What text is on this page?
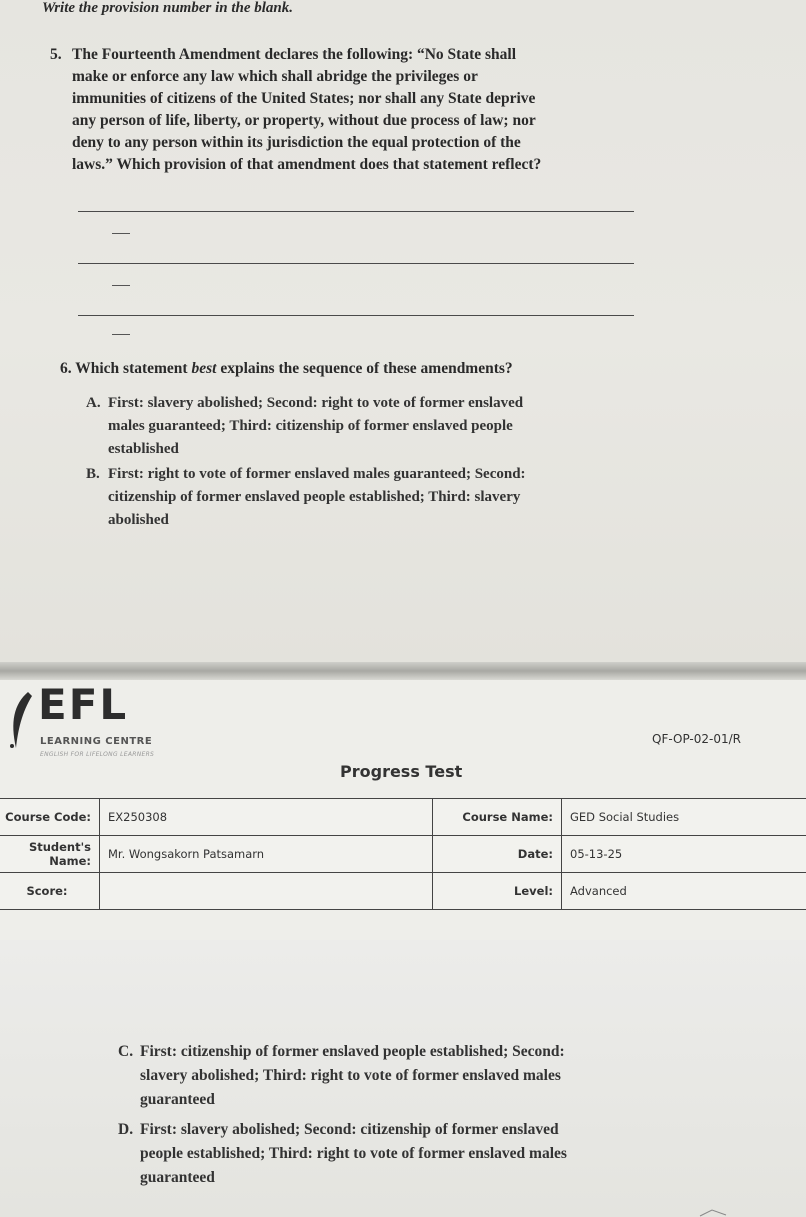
Write the provision number in the blank.
5. The Fourteenth Amendment declares the following: “No State shall
make or enforce any law which shall abridge the privileges or
immunities of citizens of the United States; nor shall any State deprive
any person of life, liberty, or property, without due process of law; nor
deny to any person within its jurisdiction the equal protection of the
laws.” Which provision of that amendment does that statement reflect?
6. Which statement best explains the sequence of these amendments?
A. First: slavery abolished; Second: right to vote of former enslaved
males guaranteed; Third: citizenship of former enslaved people
established
B. First: right to vote of former enslaved males guaranteed; Second:
citizenship of former enslaved people established; Third: slavery
abolished
EFL
LEARNING CENTRE
ENGLISH FOR LIFELONG LEARNERS
QF-OP-02-01/R
Progress Test
Course Code:	EX250308	Course Name:	GED Social Studies
Student's Name:	Mr. Wongsakorn Patsamarn	Date:	05-13-25
Score:		Level:	Advanced
C. First: citizenship of former enslaved people established; Second:
slavery abolished; Third: right to vote of former enslaved males
guaranteed
D. First: slavery abolished; Second: citizenship of former enslaved
people established; Third: right to vote of former enslaved males
guaranteed
